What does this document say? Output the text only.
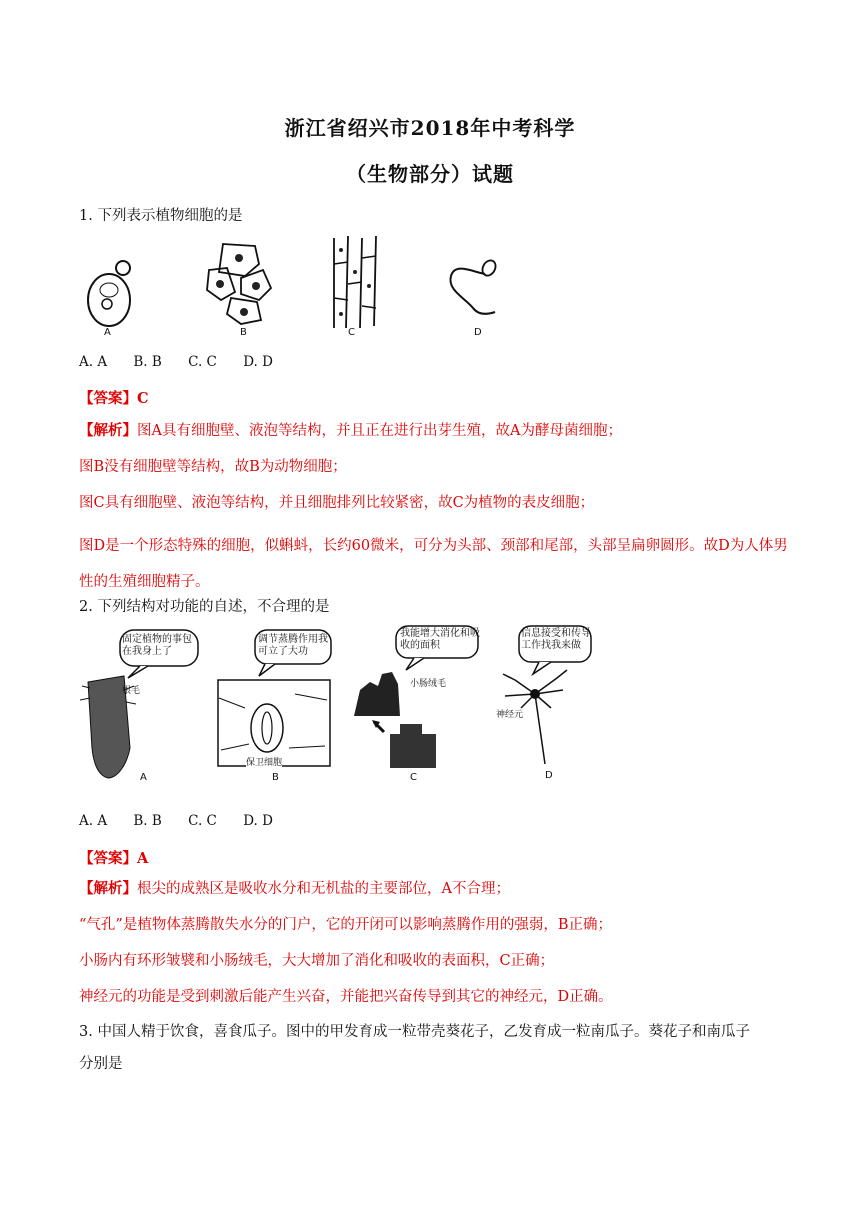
浙江省绍兴市2018年中考科学
（生物部分）试题
1. 下列表示植物细胞的是
A	B	C	D
A. A B. B C. C D. D
【答案】C
【解析】图A具有细胞壁、液泡等结构，并且正在进行出芽生殖，故A为酵母菌细胞；
图B没有细胞壁等结构，故B为动物细胞；
图C具有细胞壁、液泡等结构，并且细胞排列比较紧密，故C为植物的表皮细胞；
图D是一个形态特殊的细胞，似蝌蚪，长约60微米，可分为头部、颈部和尾部，头部呈扁卵圆形。故D为人体男性的生殖细胞精子。
2. 下列结构对功能的自述，不合理的是
固定植物的事包在我身上了
根毛
A
调节蒸腾作用我可立了大功
保卫细胞
B
我能增大消化和吸收的面积
小肠绒毛
C
信息接受和传导工作找我来做
神经元
D
A. A B. B C. C D. D
【答案】A
【解析】根尖的成熟区是吸收水分和无机盐的主要部位，A不合理；
“气孔”是植物体蒸腾散失水分的门户，它的开闭可以影响蒸腾作用的强弱，B正确；
小肠内有环形皱襞和小肠绒毛，大大增加了消化和吸收的表面积，C正确；
神经元的功能是受到刺激后能产生兴奋，并能把兴奋传导到其它的神经元，D正确。
3. 中国人精于饮食，喜食瓜子。图中的甲发育成一粒带壳葵花子，乙发育成一粒南瓜子。葵花子和南瓜子
分别是
